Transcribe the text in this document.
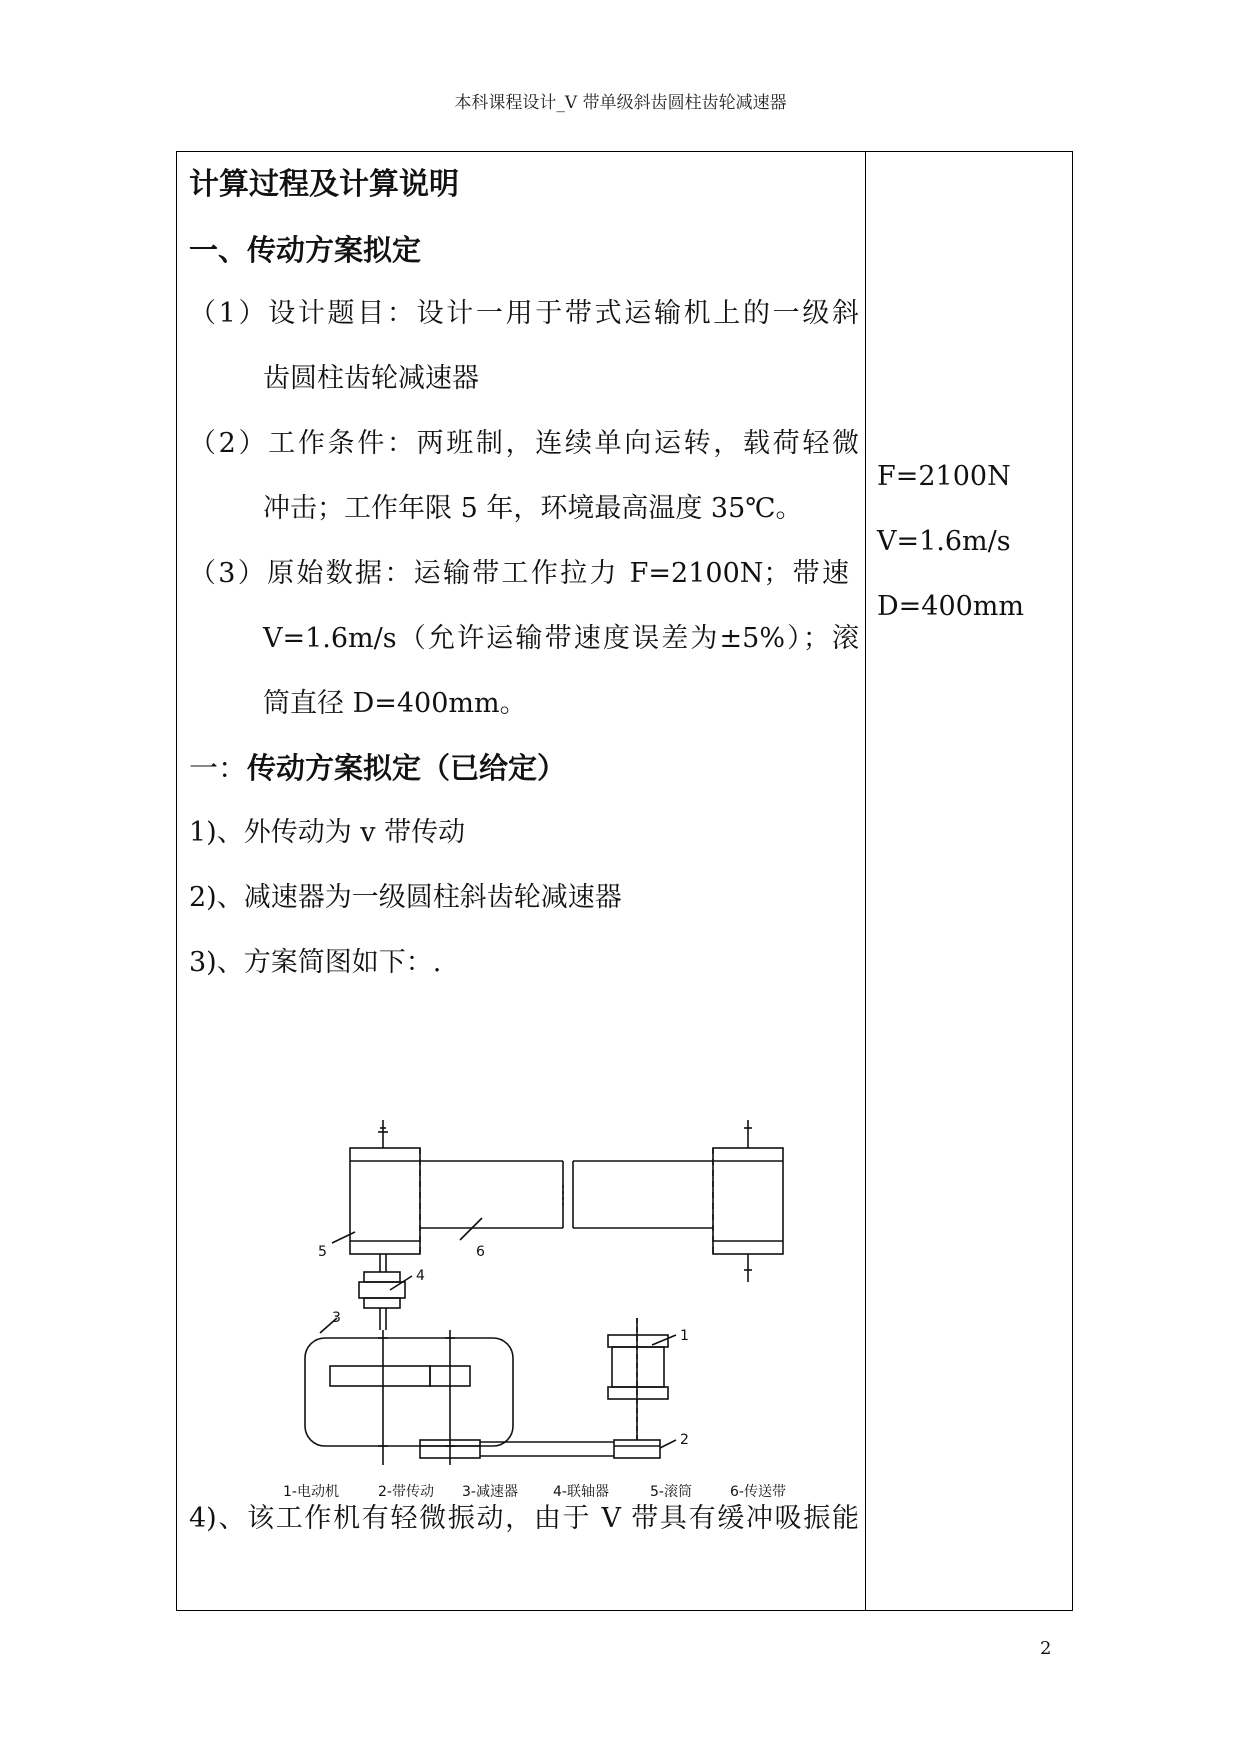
本科课程设计_V 带单级斜齿圆柱齿轮减速器
计算过程及计算说明
一、传动方案拟定
（1）设计题目：设计一用于带式运输机上的一级斜
齿圆柱齿轮减速器
（2）工作条件：两班制，连续单向运转，载荷轻微
冲击；工作年限 5 年，环境最高温度 35℃。
（3）原始数据：运输带工作拉力 F=2100N；带速
V=1.6m/s（允许运输带速度误差为±5%）；滚
筒直径 D=400mm。
一：传动方案拟定（已给定）
1)、外传动为 v 带传动
2)、减速器为一级圆柱斜齿轮减速器
3)、方案简图如下：.
4)、该工作机有轻微振动，由于 V 带具有缓冲吸振能
F=2100N
V=1.6m/s
D=400mm
5	6
4
3
1
2
1-电动机	2-带传动 3-减速器	4-联轴器	5-滚筒	6-传送带
2
